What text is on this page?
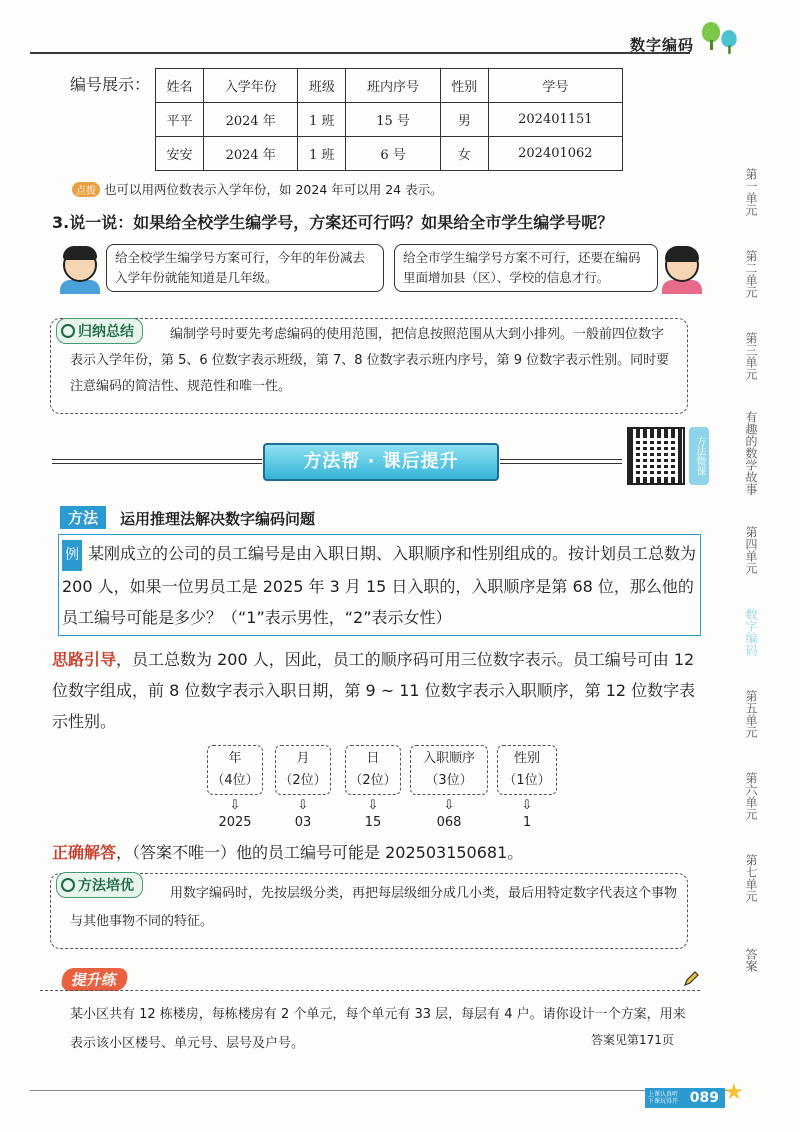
数字编码
第一单元
第二单元
第三单元
有趣的数学故事
第四单元
数字编码
第五单元
第六单元
第七单元
答案
编号展示： 姓名	入学年份	班级	班内序号	性别	学号
平平	2024 年	1 班	15 号	男	202401151
安安	2024 年	1 班	6 号	女	202401062
点拨 也可以用两位数表示入学年份，如 2024 年可以用 24 表示。
3.说一说：如果给全校学生编学号，方案还可行吗？如果给全市学生编学号呢？
给全校学生编学号方案可行，今年的年份减去入学年份就能知道是几年级。
给全市学生编学号方案不可行，还要在编码里面增加县（区）、学校的信息才行。
归纳总结	编制学号时要先考虑编码的使用范围，把信息按照范围从大到小排列。一般前四位数字表示入学年份，第 5、6 位数字表示班级，第 7、8 位数字表示班内序号，第 9 位数字表示性别。同时要注意编码的简洁性、规范性和唯一性。
方法帮 · 课后提升	方法微课
方法	运用推理法解决数字编码问题
例 某刚成立的公司的员工编号是由入职日期、入职顺序和性别组成的。按计划员工总数为 200 人，如果一位男员工是 2025 年 3 月 15 日入职的，入职顺序是第 68 位，那么他的员工编号可能是多少？（“1”表示男性，“2”表示女性）
思路引导，员工总数为 200 人，因此，员工的顺序码可用三位数字表示。员工编号可由 12 位数字组成，前 8 位数字表示入职日期，第 9 ~ 11 位数字表示入职顺序，第 12 位数字表示性别。
年
（4位）
⇩
2025
月
（2位）
⇩
03
日
（2位）
⇩
15
入职顺序
（3位）
⇩
068
性别
（1位）
⇩
1
正确解答，（答案不唯一）他的员工编号可能是 202503150681。
方法培优	用数字编码时，先按层级分类，再把每层级细分成几小类，最后用特定数字代表这个事物与其他事物不同的特征。
提升练
某小区共有 12 栋楼房，每栋楼房有 2 个单元，每个单元有 33 层，每层有 4 户。请你设计一个方案，用来表示该小区楼号、单元号、层号及户号。	答案见第171页
上课认真听
下课玩得开 089 ★
